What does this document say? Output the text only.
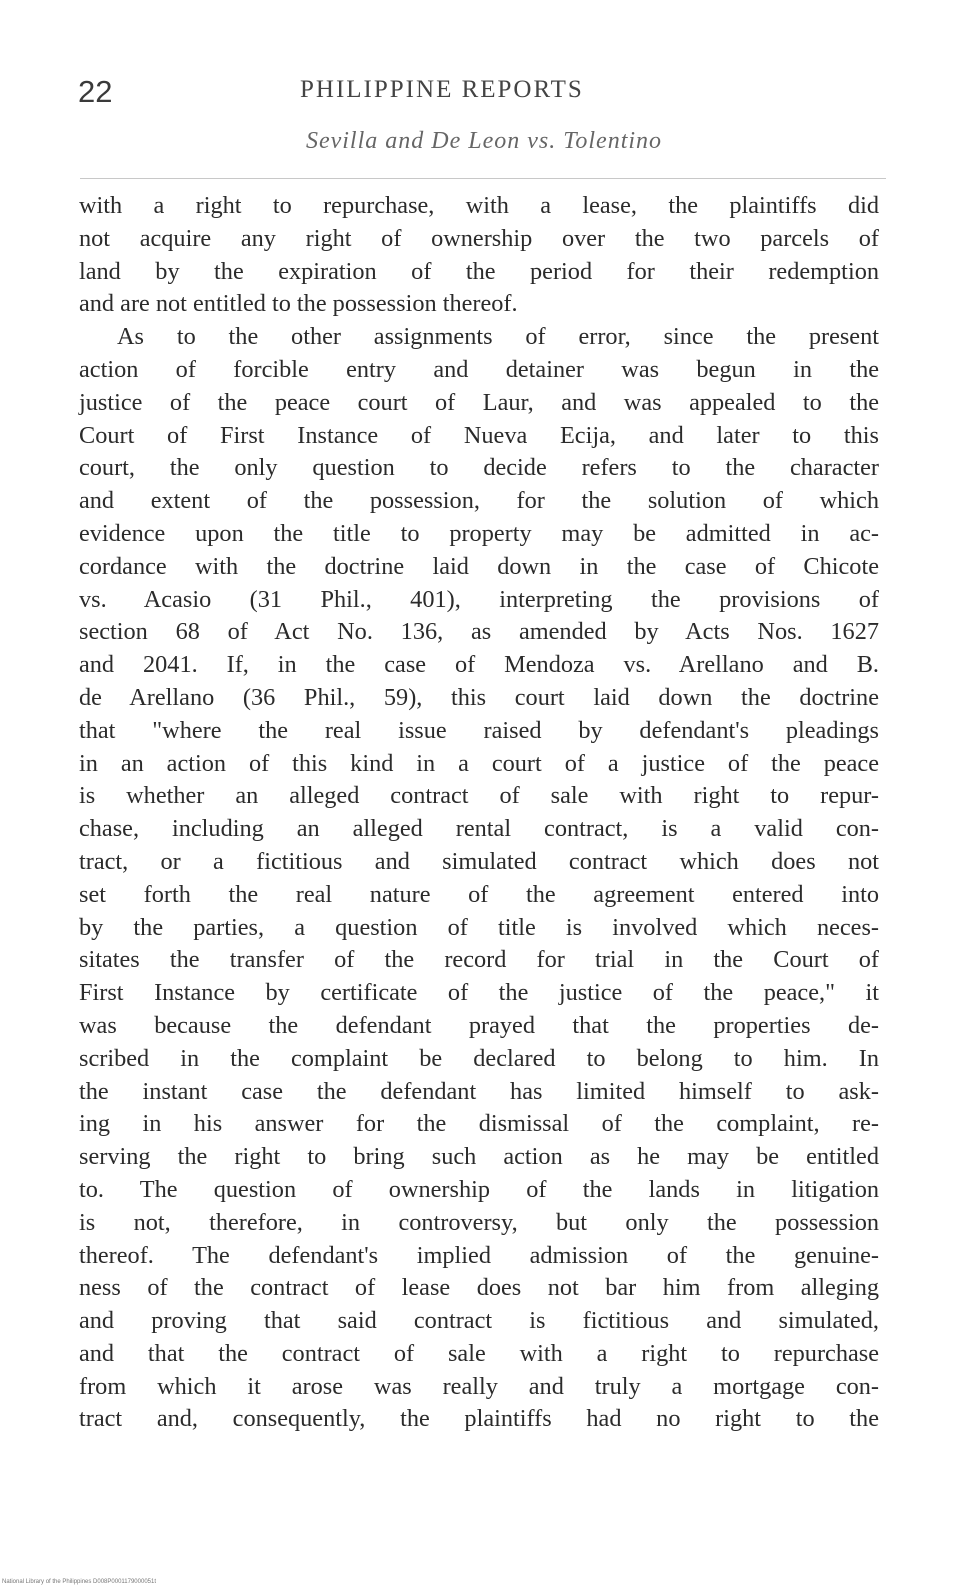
22	PHILIPPINE REPORTS
Sevilla and De Leon vs. Tolentino
with a right to repurchase, with a lease, the plaintiffs did
not acquire any right of ownership over the two parcels of
land by the expiration of the period for their redemption
and are not entitled to the possession thereof.
As to the other assignments of error, since the present
action of forcible entry and detainer was begun in the
justice of the peace court of Laur, and was appealed to the
Court of First Instance of Nueva Ecija, and later to this
court, the only question to decide refers to the character
and extent of the possession, for the solution of which
evidence upon the title to property may be admitted in ac-
cordance with the doctrine laid down in the case of Chicote
vs. Acasio (31 Phil., 401), interpreting the provisions of
section 68 of Act No. 136, as amended by Acts Nos. 1627
and 2041. If, in the case of Mendoza vs. Arellano and B.
de Arellano (36 Phil., 59), this court laid down the doctrine
that "where the real issue raised by defendant's pleadings
in an action of this kind in a court of a justice of the peace
is whether an alleged contract of sale with right to repur-
chase, including an alleged rental contract, is a valid con-
tract, or a fictitious and simulated contract which does not
set forth the real nature of the agreement entered into
by the parties, a question of title is involved which neces-
sitates the transfer of the record for trial in the Court of
First Instance by certificate of the justice of the peace," it
was because the defendant prayed that the properties de-
scribed in the complaint be declared to belong to him. In
the instant case the defendant has limited himself to ask-
ing in his answer for the dismissal of the complaint, re-
serving the right to bring such action as he may be entitled
to. The question of ownership of the lands in litigation
is not, therefore, in controversy, but only the possession
thereof. The defendant's implied admission of the genuine-
ness of the contract of lease does not bar him from alleging
and proving that said contract is fictitious and simulated,
and that the contract of sale with a right to repurchase
from which it arose was really and truly a mortgage con-
tract and, consequently, the plaintiffs had no right to the
National Library of the Philippines D008P0001179000051t
